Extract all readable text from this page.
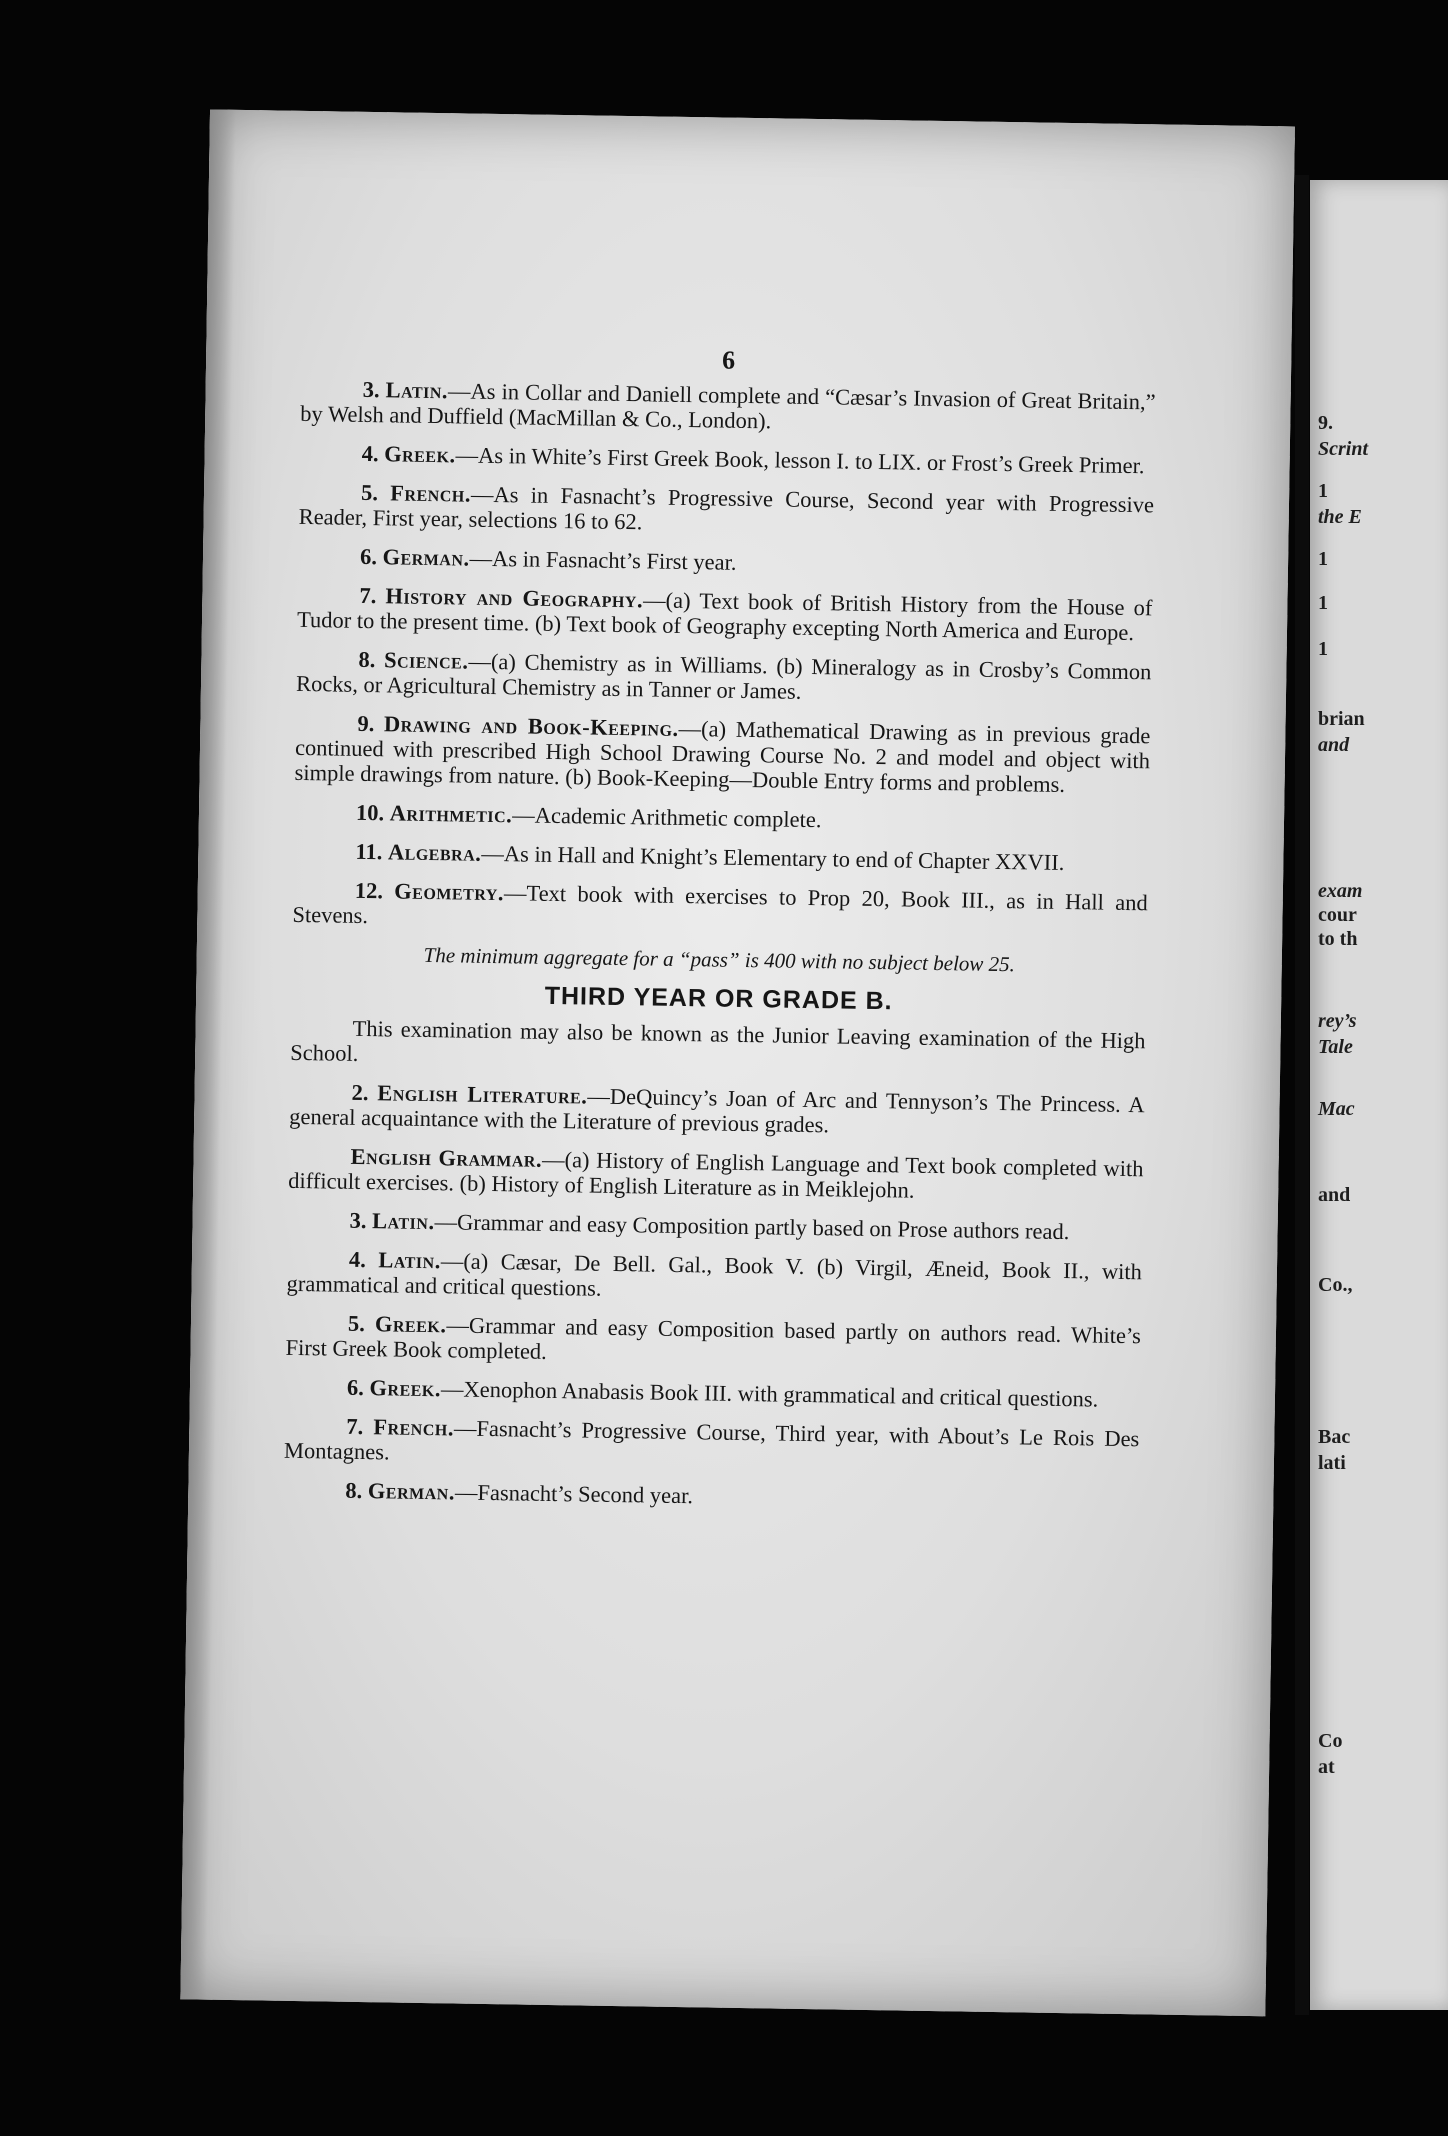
9.
Scrint
1
the E
1
1
1
brian
and
exam
cour
to th
rey’s
Tale
Mac
and
Co.,
Bac
lati
Co
at
6

3. Latin.—As in Collar and Daniell complete and “Cæsar’s Invasion of Great Britain,” by Welsh and Duffield (MacMillan & Co., London).

4. Greek.—As in White’s First Greek Book, lesson I. to LIX. or Frost’s Greek Primer.

5. French.—As in Fasnacht’s Progressive Course, Second year with Progressive Reader, First year, selections 16 to 62.

6. German.—As in Fasnacht’s First year.

7. History and Geography.—(a) Text book of British History from the House of Tudor to the present time. (b) Text book of Geography excepting North America and Europe.

8. Science.—(a) Chemistry as in Williams. (b) Mineralogy as in Crosby’s Common Rocks, or Agricultural Chemistry as in Tanner or James.

9. Drawing and Book-Keeping.—(a) Mathematical Drawing as in previous grade continued with prescribed High School Drawing Course No. 2 and model and object with simple drawings from nature. (b) Book-Keeping—Double Entry forms and problems.

10. Arithmetic.—Academic Arithmetic complete.

11. Algebra.—As in Hall and Knight’s Elementary to end of Chapter XXVII.

12. Geometry.—Text book with exercises to Prop 20, Book III., as in Hall and Stevens.

The minimum aggregate for a “pass” is 400 with no subject below 25.
THIRD YEAR OR GRADE B.

This examination may also be known as the Junior Leaving examination of the High School.

2. English Literature.—DeQuincy’s Joan of Arc and Tennyson’s The Princess. A general acquaintance with the Literature of previous grades.

English Grammar.—(a) History of English Language and Text book completed with difficult exercises. (b) History of English Literature as in Meiklejohn.

3. Latin.—Grammar and easy Composition partly based on Prose authors read.

4. Latin.—(a) Cæsar, De Bell. Gal., Book V. (b) Virgil, Æneid, Book II., with grammatical and critical questions.

5. Greek.—Grammar and easy Composition based partly on authors read. White’s First Greek Book completed.

6. Greek.—Xenophon Anabasis Book III. with grammatical and critical questions.

7. French.—Fasnacht’s Progressive Course, Third year, with About’s Le Rois Des Montagnes.

8. German.—Fasnacht’s Second year.
